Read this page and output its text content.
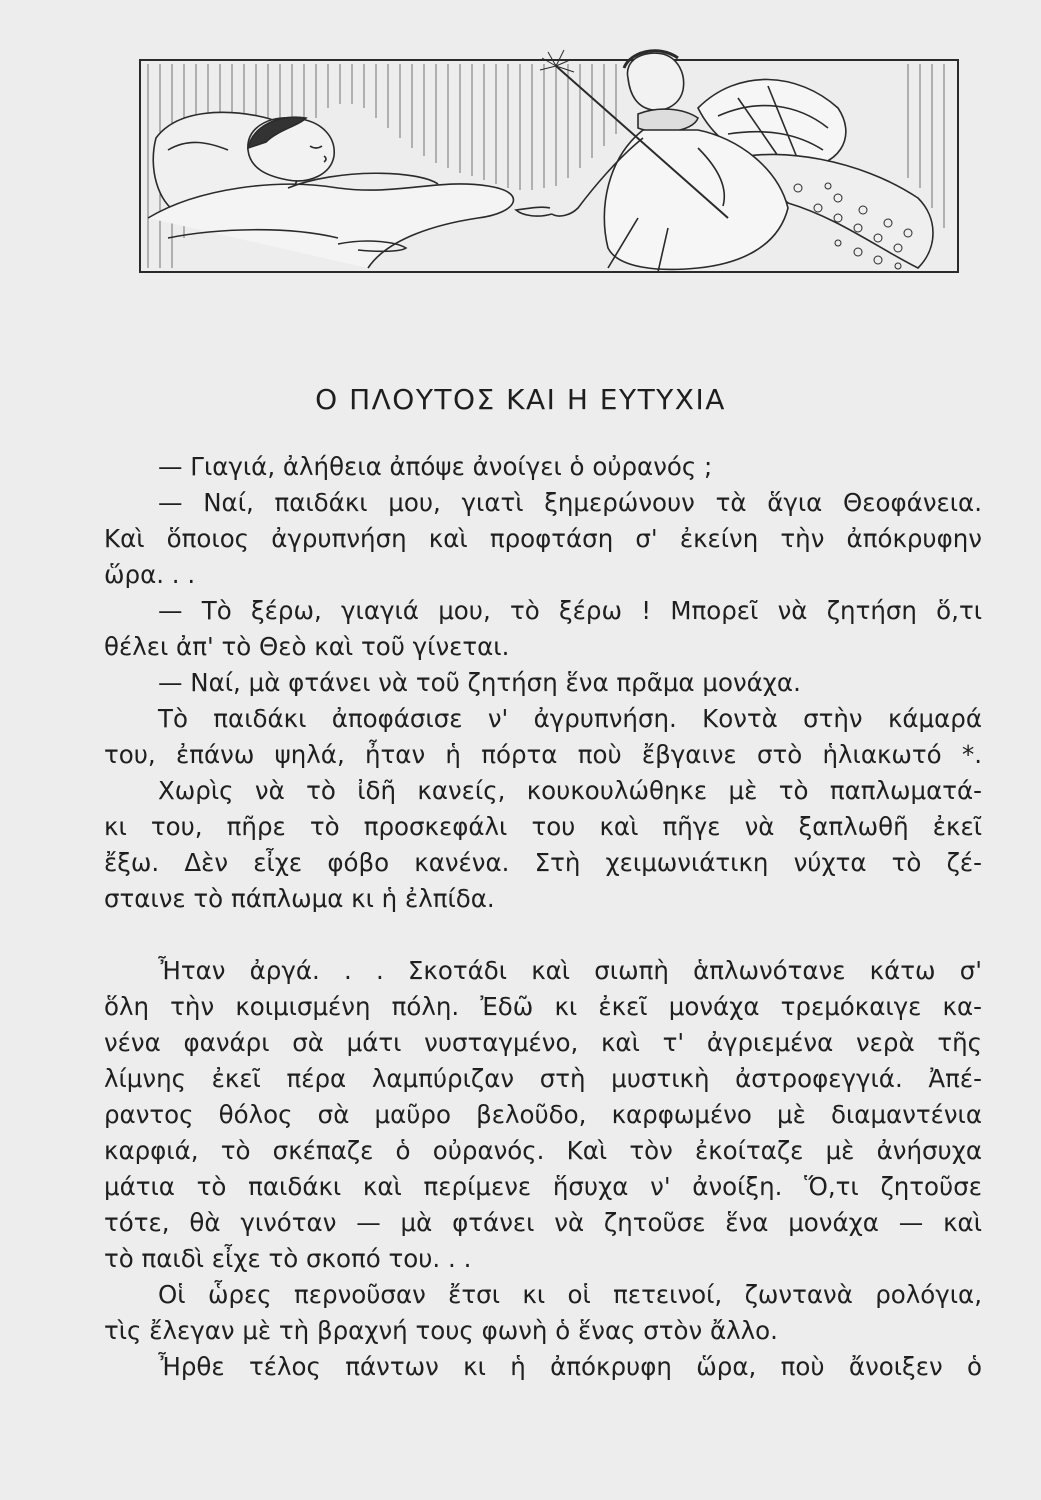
Ο ΠΛΟΥΤΟΣ ΚΑΙ Η ΕΥΤΥΧΙΑ
— Γιαγιά, ἀλήθεια ἀπόψε ἀνοίγει ὁ οὐρανός ;
— Ναί, παιδάκι μου, γιατὶ ξημερώνουν τὰ ἅγια Θεοφάνεια.
Καὶ ὅποιος ἀγρυπνήση καὶ προφτάση σ' ἐκείνη τὴν ἀπόκρυφην
ὥρα. . .
— Τὸ ξέρω, γιαγιά μου, τὸ ξέρω ! Μπορεῖ νὰ ζητήση ὅ,τι
θέλει ἀπ' τὸ Θεὸ καὶ τοῦ γίνεται.
— Ναί, μὰ φτάνει νὰ τοῦ ζητήση ἕνα πρᾶμα μονάχα.
Τὸ παιδάκι ἀποφάσισε ν' ἀγρυπνήση. Κοντὰ στὴν κάμαρά
του, ἐπάνω ψηλά, ἦταν ἡ πόρτα ποὺ ἔβγαινε στὸ ἡλιακωτό *.
Χωρὶς νὰ τὸ ἰδῆ κανείς, κουκουλώθηκε μὲ τὸ παπλωματά-
κι του, πῆρε τὸ προσκεφάλι του καὶ πῆγε νὰ ξαπλωθῆ ἐκεῖ
ἔξω. Δὲν εἶχε φόβο κανένα. Στὴ χειμωνιάτικη νύχτα τὸ ζέ-
σταινε τὸ πάπλωμα κι ἡ ἐλπίδα.
Ἦταν ἀργά. . . Σκοτάδι καὶ σιωπὴ ἁπλωνότανε κάτω σ'
ὅλη τὴν κοιμισμένη πόλη. Ἐδῶ κι ἐκεῖ μονάχα τρεμόκαιγε κα-
νένα φανάρι σὰ μάτι νυσταγμένο, καὶ τ' ἀγριεμένα νερὰ τῆς
λίμνης ἐκεῖ πέρα λαμπύριζαν στὴ μυστικὴ ἀστροφεγγιά. Ἀπέ-
ραντος θόλος σὰ μαῦρο βελοῦδο, καρφωμένο μὲ διαμαντένια
καρφιά, τὸ σκέπαζε ὁ οὐρανός. Καὶ τὸν ἐκοίταζε μὲ ἀνήσυχα
μάτια τὸ παιδάκι καὶ περίμενε ἥσυχα ν' ἀνοίξη. Ὅ,τι ζητοῦσε
τότε, θὰ γινόταν — μὰ φτάνει νὰ ζητοῦσε ἕνα μονάχα — καὶ
τὸ παιδὶ εἶχε τὸ σκοπό του. . .
Οἱ ὧρες περνοῦσαν ἔτσι κι οἱ πετεινοί, ζωντανὰ ρολόγια,
τὶς ἔλεγαν μὲ τὴ βραχνή τους φωνὴ ὁ ἕνας στὸν ἄλλο.
Ἦρθε τέλος πάντων κι ἡ ἀπόκρυφη ὥρα, ποὺ ἄνοιξεν ὁ
